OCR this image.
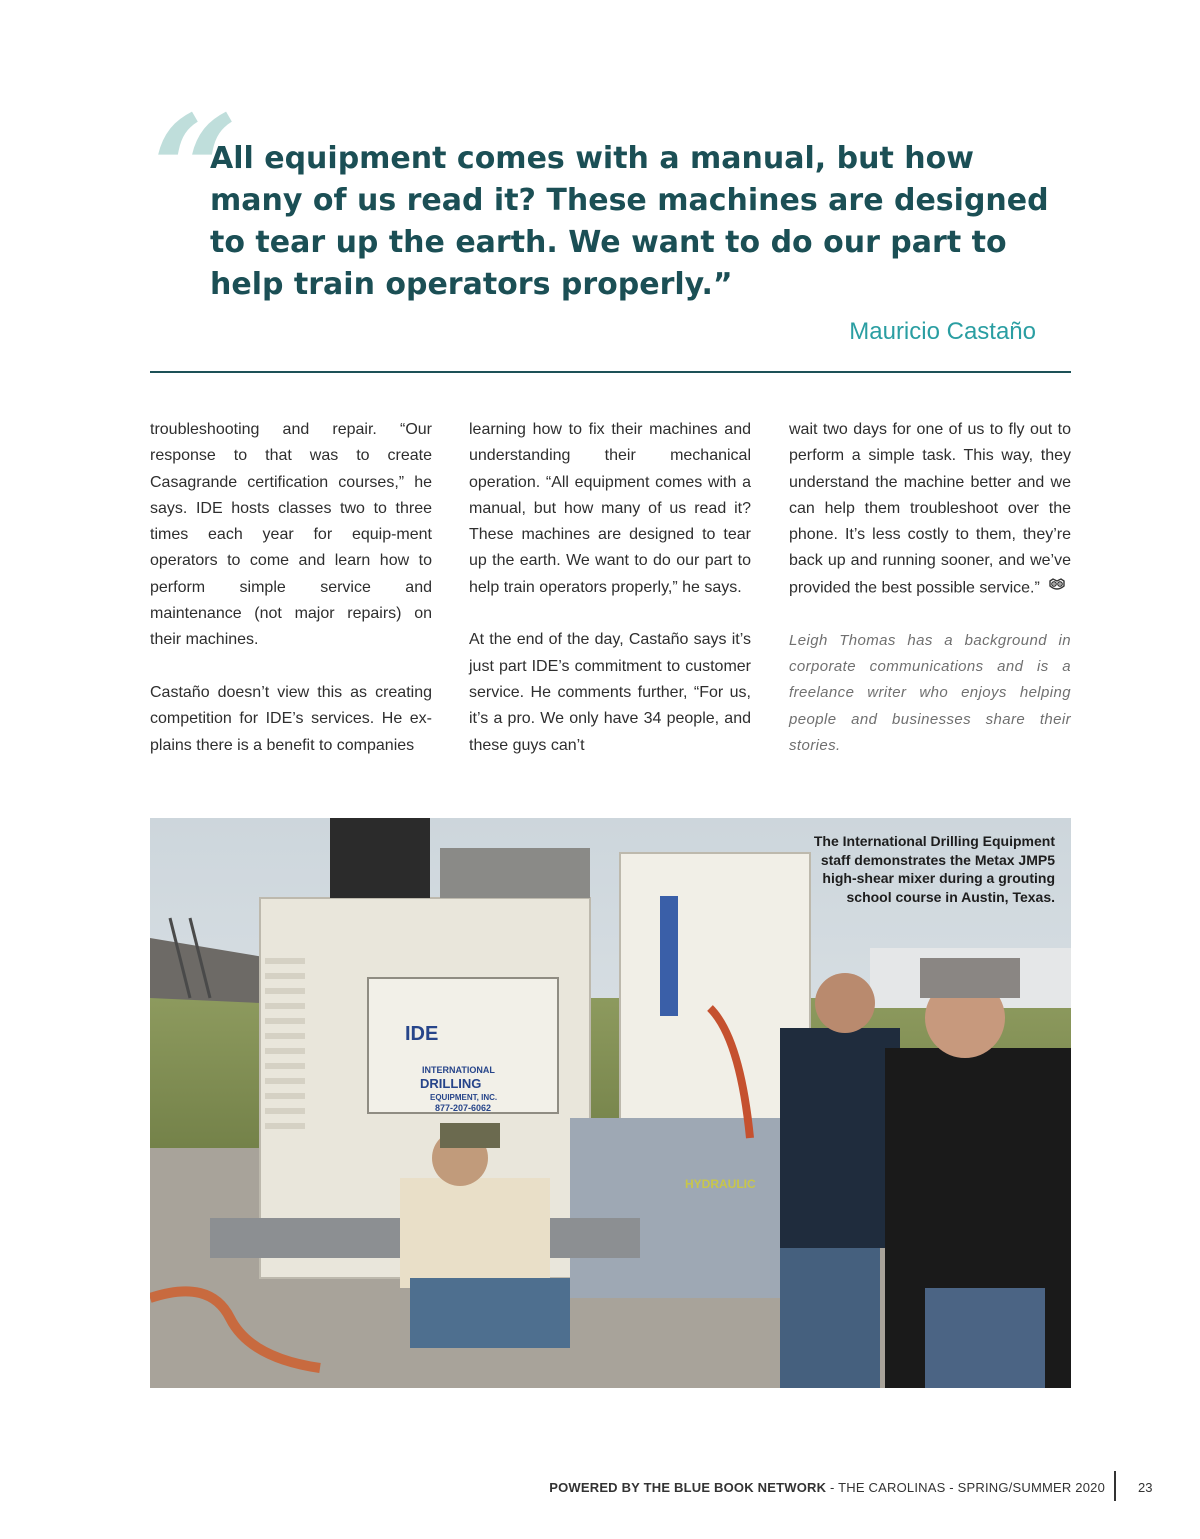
“

All equipment comes with a manual, but how many of us read it? These machines are designed to tear up the earth. We want to do our part to help train operators properly.”

Mauricio Castaño

troubleshooting and repair. “Our response to that was to create Casagrande certification courses,” he says. IDE hosts classes two to three times each year for equip-ment operators to come and learn how to perform simple service and maintenance (not major repairs) on their machines.

Castaño doesn’t view this as creating competition for IDE’s services. He ex-plains there is a benefit to companies

learning how to fix their machines and understanding their mechanical operation. “All equipment comes with a manual, but how many of us read it? These machines are designed to tear up the earth. We want to do our part to help train operators properly,” he says.

At the end of the day, Castaño says it’s just part IDE’s commitment to customer service. He comments further, “For us, it’s a pro. We only have 34 people, and these guys can’t

wait two days for one of us to fly out to perform a simple task. This way, they understand the machine better and we can help them troubleshoot over the phone. It’s less costly to them, they’re back up and running sooner, and we’ve provided the best possible service.”

Leigh Thomas has a background in corporate communications and is a freelance writer who enjoys helping people and businesses share their stories.

IDE
INTERNATIONAL
DRILLING
EQUIPMENT, INC.
877-207-6062
HYDRAULIC

The International Drilling Equipment staff demonstrates the Metax JMP5 high-shear mixer during a grouting school course in Austin, Texas.

POWERED BY THE BLUE BOOK NETWORK - THE CAROLINAS - SPRING/SUMMER 2020	23
